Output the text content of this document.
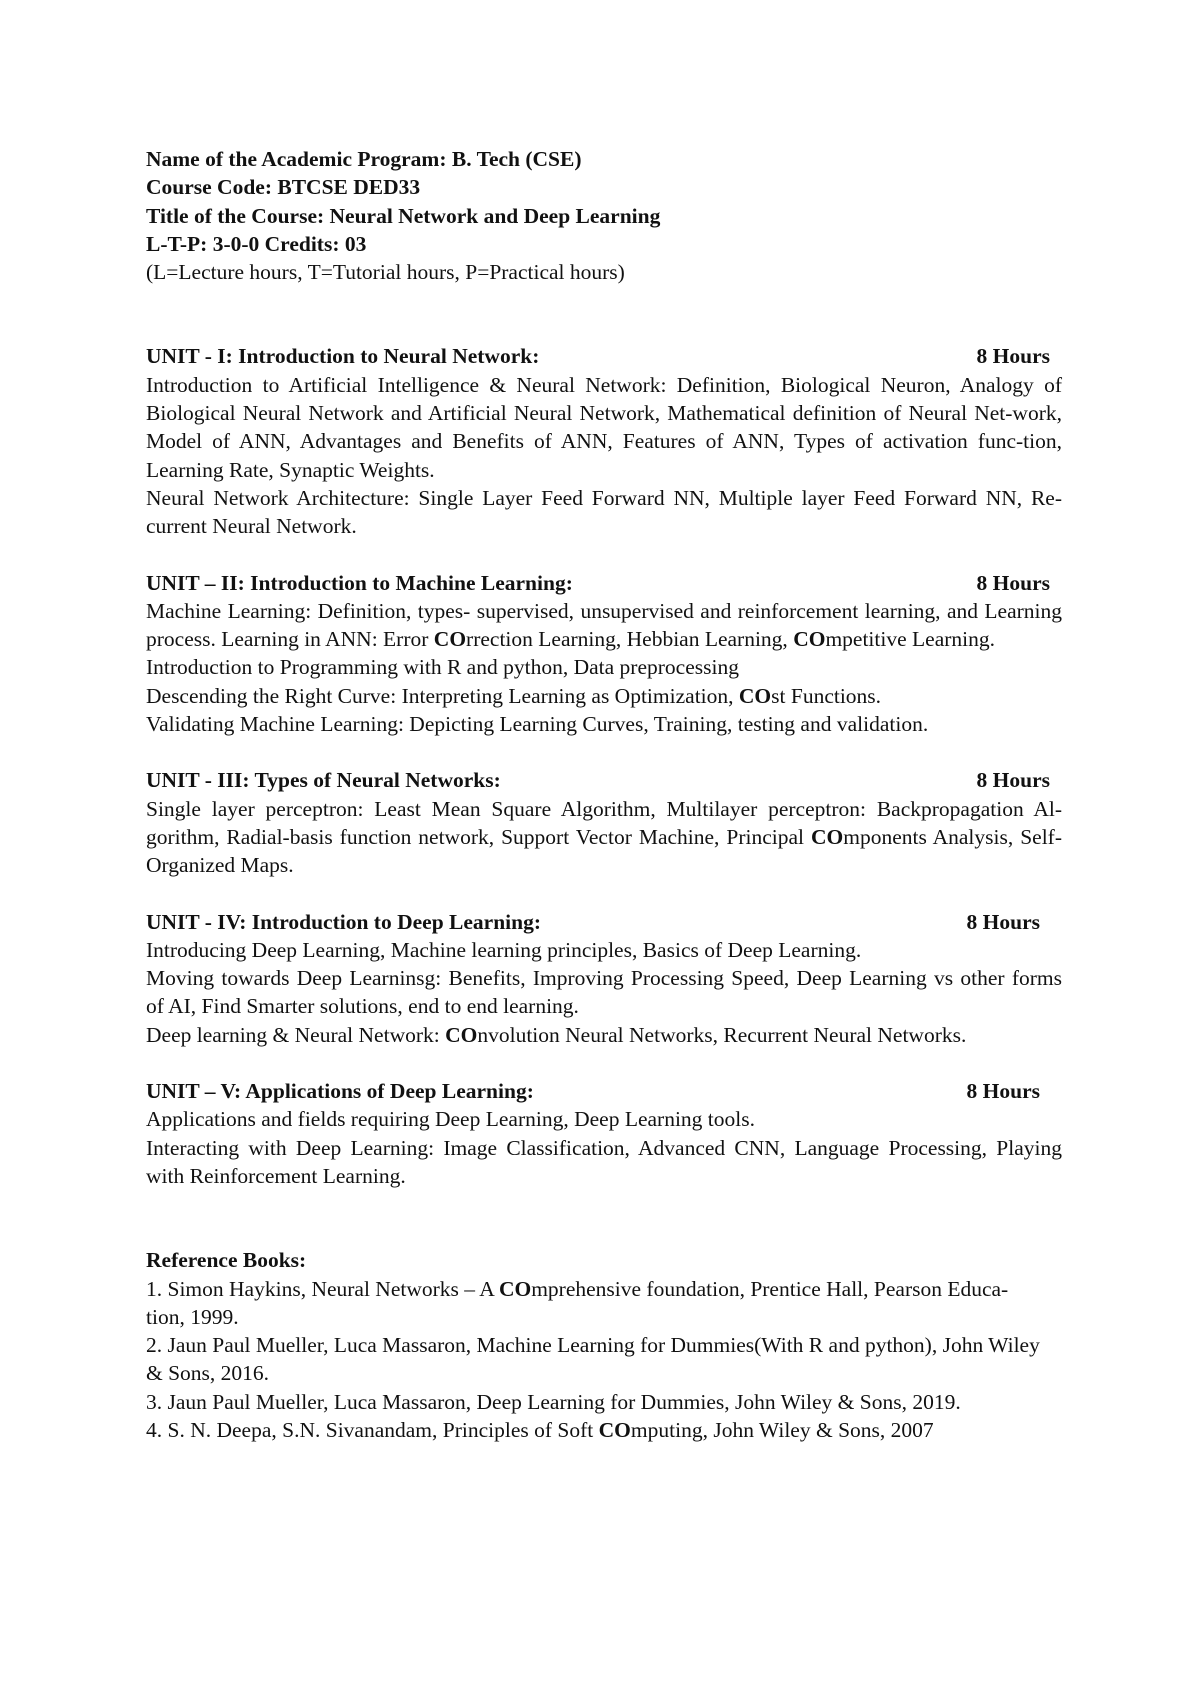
Name of the Academic Program: B. Tech (CSE)

Course Code: BTCSE DED33

Title of the Course: Neural Network and Deep Learning

L-T-P: 3-0-0 Credits: 03

(L=Lecture hours, T=Tutorial hours, P=Practical hours)

UNIT - I: Introduction to Neural Network:	8 Hours

Introduction to Artificial Intelligence & Neural Network: Definition, Biological Neuron, Analogy of Biological Neural Network and Artificial Neural Network, Mathematical definition of Neural Net-work, Model of ANN, Advantages and Benefits of ANN, Features of ANN, Types of activation func-tion, Learning Rate, Synaptic Weights.

Neural Network Architecture: Single Layer Feed Forward NN, Multiple layer Feed Forward NN, Re-current Neural Network.

UNIT – II: Introduction to Machine Learning:	8 Hours

Machine Learning: Definition, types- supervised, unsupervised and reinforcement learning, and Learning process. Learning in ANN: Error COrrection Learning, Hebbian Learning, COmpetitive Learning.

Introduction to Programming with R and python, Data preprocessing

Descending the Right Curve: Interpreting Learning as Optimization, COst Functions.

Validating Machine Learning: Depicting Learning Curves, Training, testing and validation.

UNIT - III: Types of Neural Networks:	8 Hours

Single layer perceptron: Least Mean Square Algorithm, Multilayer perceptron: Backpropagation Al-gorithm, Radial-basis function network, Support Vector Machine, Principal COmponents Analysis, Self-Organized Maps.

UNIT - IV: Introduction to Deep Learning:	8 Hours

Introducing Deep Learning, Machine learning principles, Basics of Deep Learning.

Moving towards Deep Learninsg: Benefits, Improving Processing Speed, Deep Learning vs other forms of AI, Find Smarter solutions, end to end learning.

Deep learning & Neural Network: COnvolution Neural Networks, Recurrent Neural Networks.

UNIT – V: Applications of Deep Learning:	8 Hours

Applications and fields requiring Deep Learning, Deep Learning tools.

Interacting with Deep Learning: Image Classification, Advanced CNN, Language Processing, Playing with Reinforcement Learning.

Reference Books:

1. Simon Haykins, Neural Networks – A COmprehensive foundation, Prentice Hall, Pearson Educa-tion, 1999.

2. Jaun Paul Mueller, Luca Massaron, Machine Learning for Dummies(With R and python), John Wiley & Sons, 2016.

3. Jaun Paul Mueller, Luca Massaron, Deep Learning for Dummies, John Wiley & Sons, 2019.

4. S. N. Deepa, S.N. Sivanandam, Principles of Soft COmputing, John Wiley & Sons, 2007
